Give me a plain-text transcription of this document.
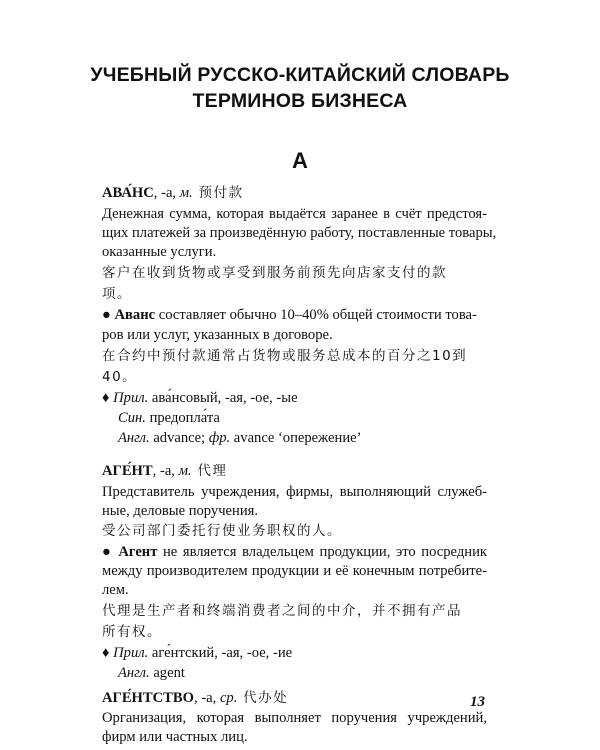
УЧЕБНЫЙ РУССКО-КИТАЙСКИЙ СЛОВАРЬ
ТЕРМИНОВ БИЗНЕСА
А
АВА́НС, -а, м. 预付款
Денежная сумма, которая выдаётся заранее в счёт предстоя-
щих платежей за произведённую работу, поставленные товары,
оказанные услуги.
客户在收到货物或享受到服务前预先向店家支付的款
项。
● Аванс составляет обычно 10–40% общей стоимости това-
ров или услуг, указанных в договоре.
在合约中预付款通常占货物或服务总成本的百分之10到
40。
♦ Прил. ава́нсовый, -ая, -ое, -ые
Син. предопла́та
Англ. advance; фр. avance ‘опережение’
АГЕ́НТ, -а, м. 代理
Представитель учреждения, фирмы, выполняющий служеб-
ные, деловые поручения.
受公司部门委托行使业务职权的人。
● Агент не является владельцем продукции, это посредник
между производителем продукции и её конечным потребите-
лем.
代理是生产者和终端消费者之间的中介，并不拥有产品
所有权。
♦ Прил. аге́нтский, -ая, -ое, -ие
Англ. agent
АГЕ́НТСТВО, -а, ср. 代办处
Организация, которая выполняет поручения учреждений,
фирм или частных лиц.
13
